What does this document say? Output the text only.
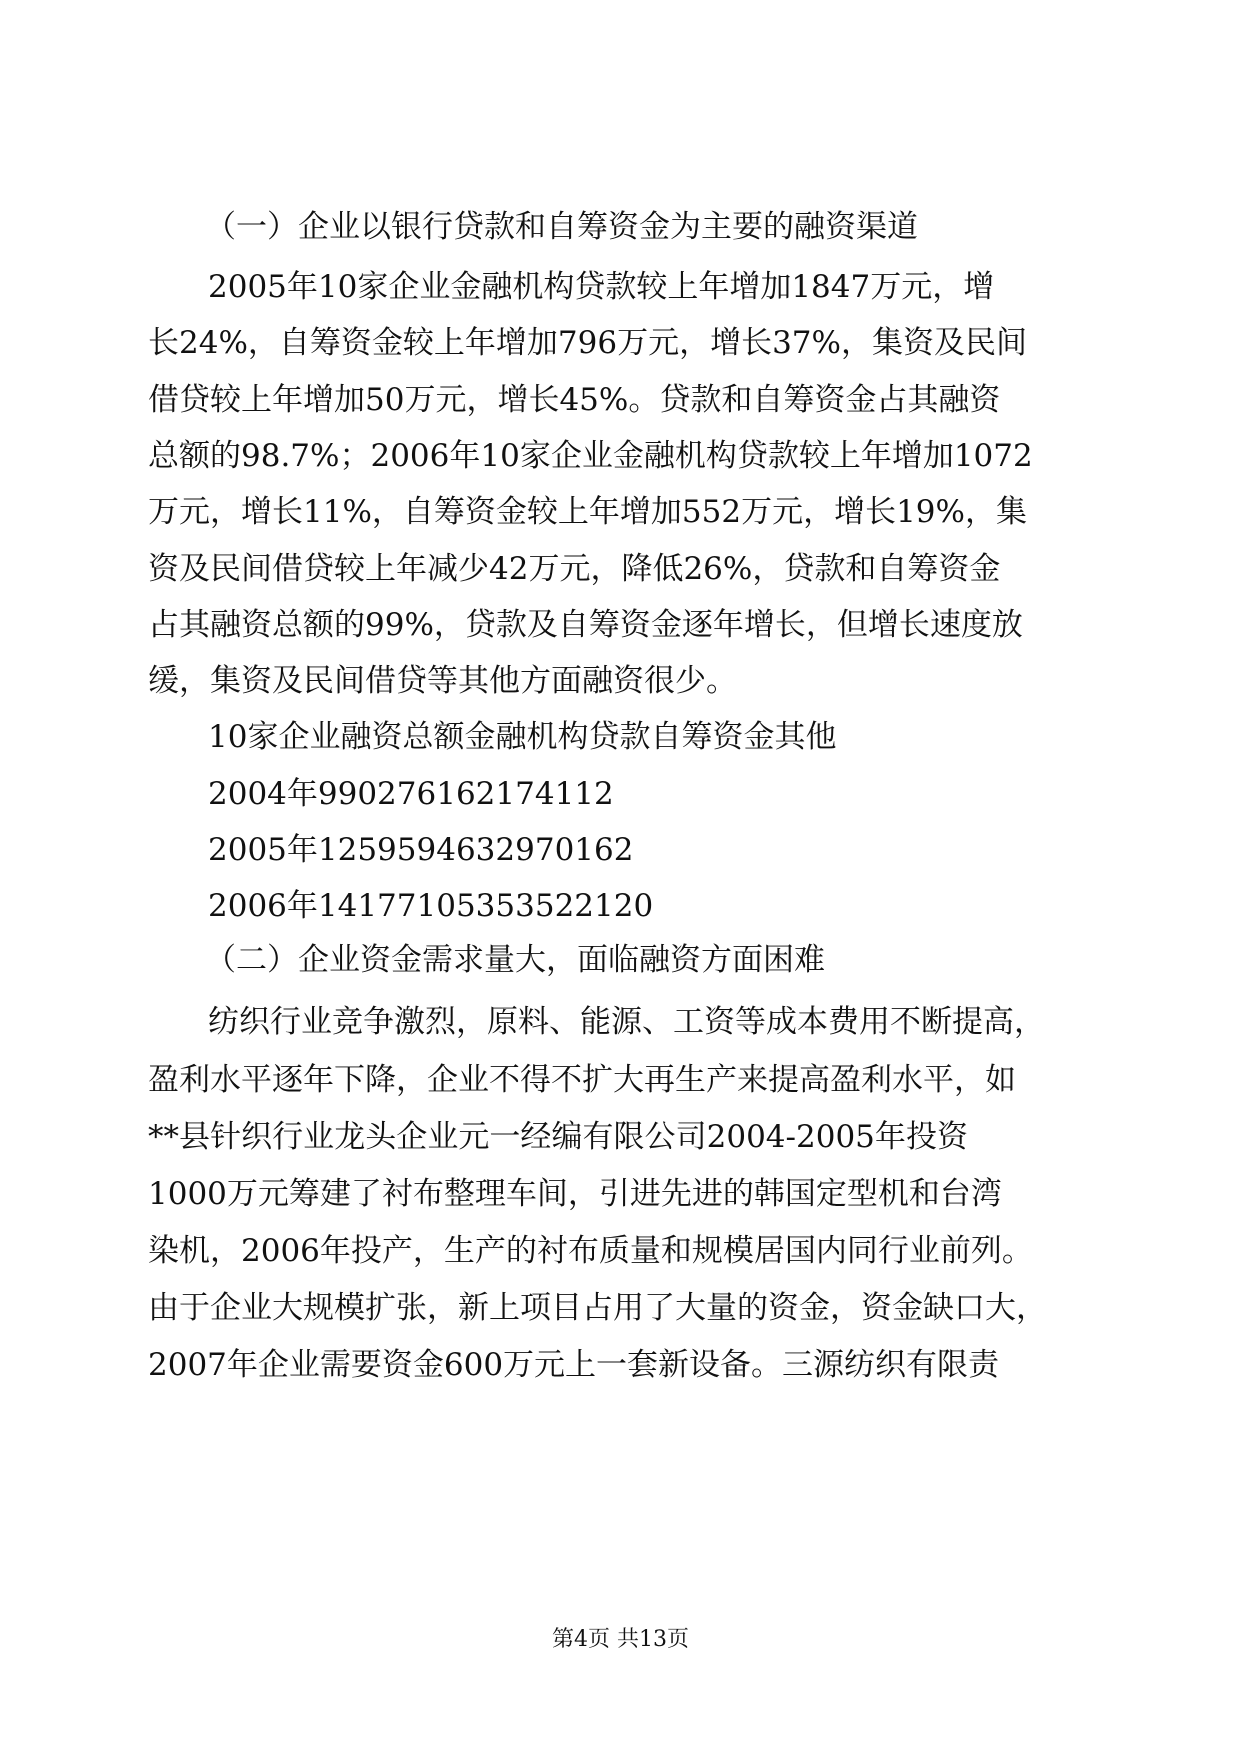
（一）企业以银行贷款和自筹资金为主要的融资渠道
2005年10家企业金融机构贷款较上年增加1847万元，增
长24%，自筹资金较上年增加796万元，增长37%，集资及民间
借贷较上年增加50万元，增长45%。贷款和自筹资金占其融资
总额的98.7%；2006年10家企业金融机构贷款较上年增加1072
万元，增长11%，自筹资金较上年增加552万元，增长19%，集
资及民间借贷较上年减少42万元，降低26%，贷款和自筹资金
占其融资总额的99%，贷款及自筹资金逐年增长，但增长速度放
缓，集资及民间借贷等其他方面融资很少。
10家企业融资总额金融机构贷款自筹资金其他
2004年990276162174112
2005年1259594632970162
2006年14177105353522120
（二）企业资金需求量大，面临融资方面困难
纺织行业竞争激烈，原料、能源、工资等成本费用不断提高，
盈利水平逐年下降，企业不得不扩大再生产来提高盈利水平，如
**县针织行业龙头企业元一经编有限公司2004-2005年投资
1000万元筹建了衬布整理车间，引进先进的韩国定型机和台湾
染机，2006年投产，生产的衬布质量和规模居国内同行业前列。
由于企业大规模扩张，新上项目占用了大量的资金，资金缺口大，
2007年企业需要资金600万元上一套新设备。三源纺织有限责
第4页 共13页
